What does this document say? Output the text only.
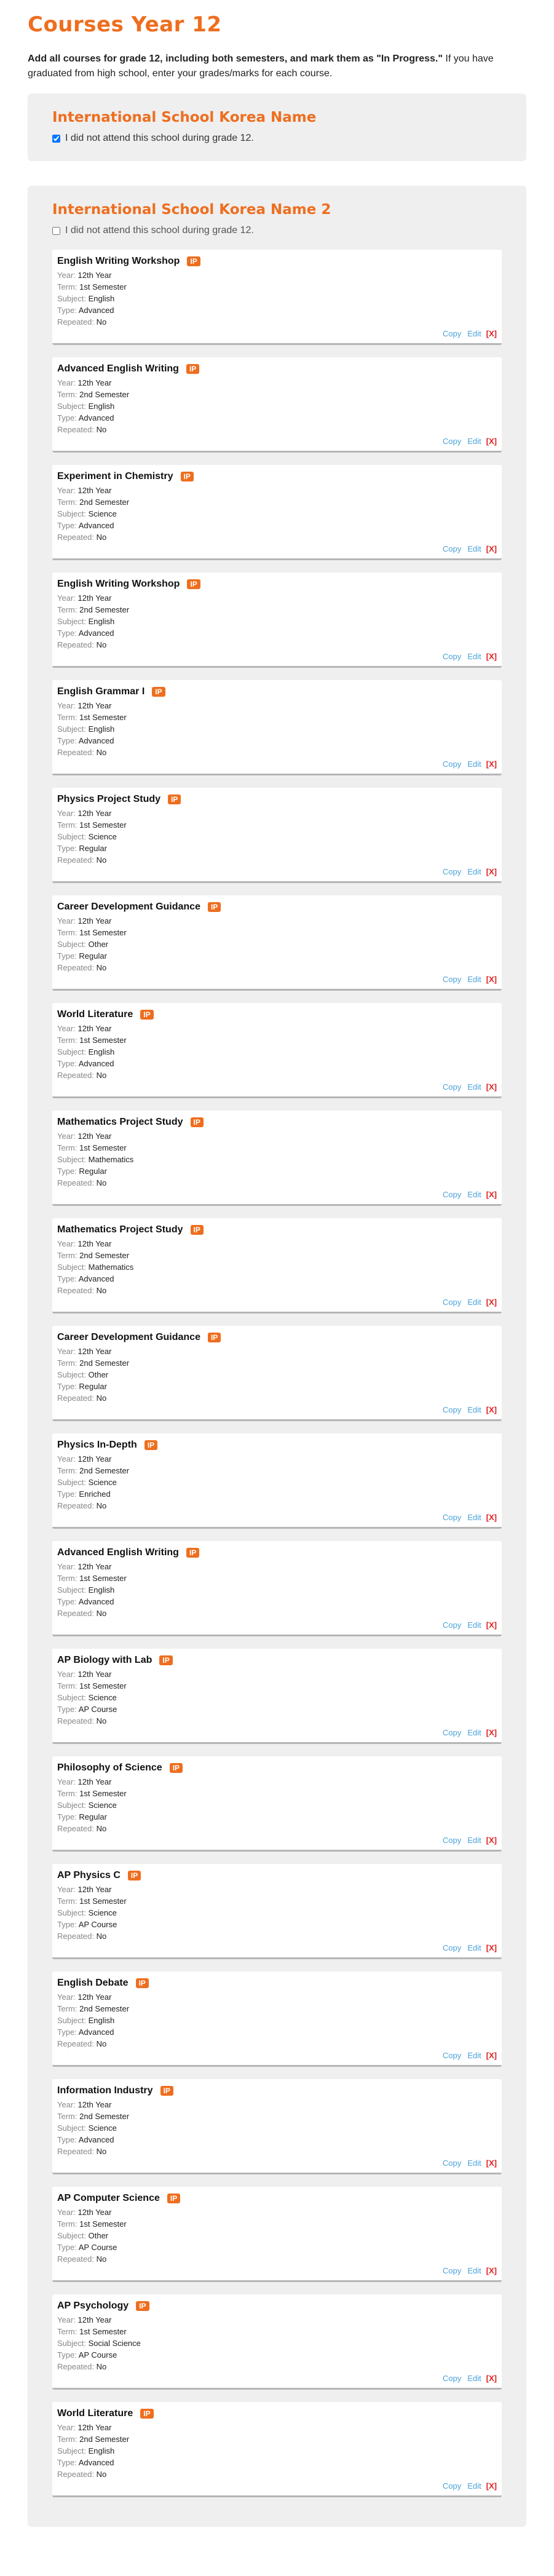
Courses Year 12

Add all courses for grade 12, including both semesters, and mark them as "In Progress." If you have graduated from high school, enter your grades/marks for each course.

International School Korea Name
I did not attend this school during grade 12.
International School Korea Name 2
I did not attend this school during grade 12.
English Writing Workshop	IP
Year: 12th Year
Term: 1st Semester
Subject: English
Type: Advanced
Repeated: No
Copy Edit [X]
Advanced English Writing	IP
Year: 12th Year
Term: 2nd Semester
Subject: English
Type: Advanced
Repeated: No
Copy Edit [X]
Experiment in Chemistry	IP
Year: 12th Year
Term: 2nd Semester
Subject: Science
Type: Advanced
Repeated: No
Copy Edit [X]
English Writing Workshop	IP
Year: 12th Year
Term: 2nd Semester
Subject: English
Type: Advanced
Repeated: No
Copy Edit [X]
English Grammar I	IP
Year: 12th Year
Term: 1st Semester
Subject: English
Type: Advanced
Repeated: No
Copy Edit [X]
Physics Project Study	IP
Year: 12th Year
Term: 1st Semester
Subject: Science
Type: Regular
Repeated: No
Copy Edit [X]
Career Development Guidance	IP
Year: 12th Year
Term: 1st Semester
Subject: Other
Type: Regular
Repeated: No
Copy Edit [X]
World Literature	IP
Year: 12th Year
Term: 1st Semester
Subject: English
Type: Advanced
Repeated: No
Copy Edit [X]
Mathematics Project Study	IP
Year: 12th Year
Term: 1st Semester
Subject: Mathematics
Type: Regular
Repeated: No
Copy Edit [X]
Mathematics Project Study	IP
Year: 12th Year
Term: 2nd Semester
Subject: Mathematics
Type: Advanced
Repeated: No
Copy Edit [X]
Career Development Guidance	IP
Year: 12th Year
Term: 2nd Semester
Subject: Other
Type: Regular
Repeated: No
Copy Edit [X]
Physics In-Depth	IP
Year: 12th Year
Term: 2nd Semester
Subject: Science
Type: Enriched
Repeated: No
Copy Edit [X]
Advanced English Writing	IP
Year: 12th Year
Term: 1st Semester
Subject: English
Type: Advanced
Repeated: No
Copy Edit [X]
AP Biology with Lab	IP
Year: 12th Year
Term: 1st Semester
Subject: Science
Type: AP Course
Repeated: No
Copy Edit [X]
Philosophy of Science	IP
Year: 12th Year
Term: 1st Semester
Subject: Science
Type: Regular
Repeated: No
Copy Edit [X]
AP Physics C	IP
Year: 12th Year
Term: 1st Semester
Subject: Science
Type: AP Course
Repeated: No
Copy Edit [X]
English Debate	IP
Year: 12th Year
Term: 2nd Semester
Subject: English
Type: Advanced
Repeated: No
Copy Edit [X]
Information Industry	IP
Year: 12th Year
Term: 2nd Semester
Subject: Science
Type: Advanced
Repeated: No
Copy Edit [X]
AP Computer Science	IP
Year: 12th Year
Term: 1st Semester
Subject: Other
Type: AP Course
Repeated: No
Copy Edit [X]
AP Psychology	IP
Year: 12th Year
Term: 1st Semester
Subject: Social Science
Type: AP Course
Repeated: No
Copy Edit [X]
World Literature	IP
Year: 12th Year
Term: 2nd Semester
Subject: English
Type: Advanced
Repeated: No
Copy Edit [X]
